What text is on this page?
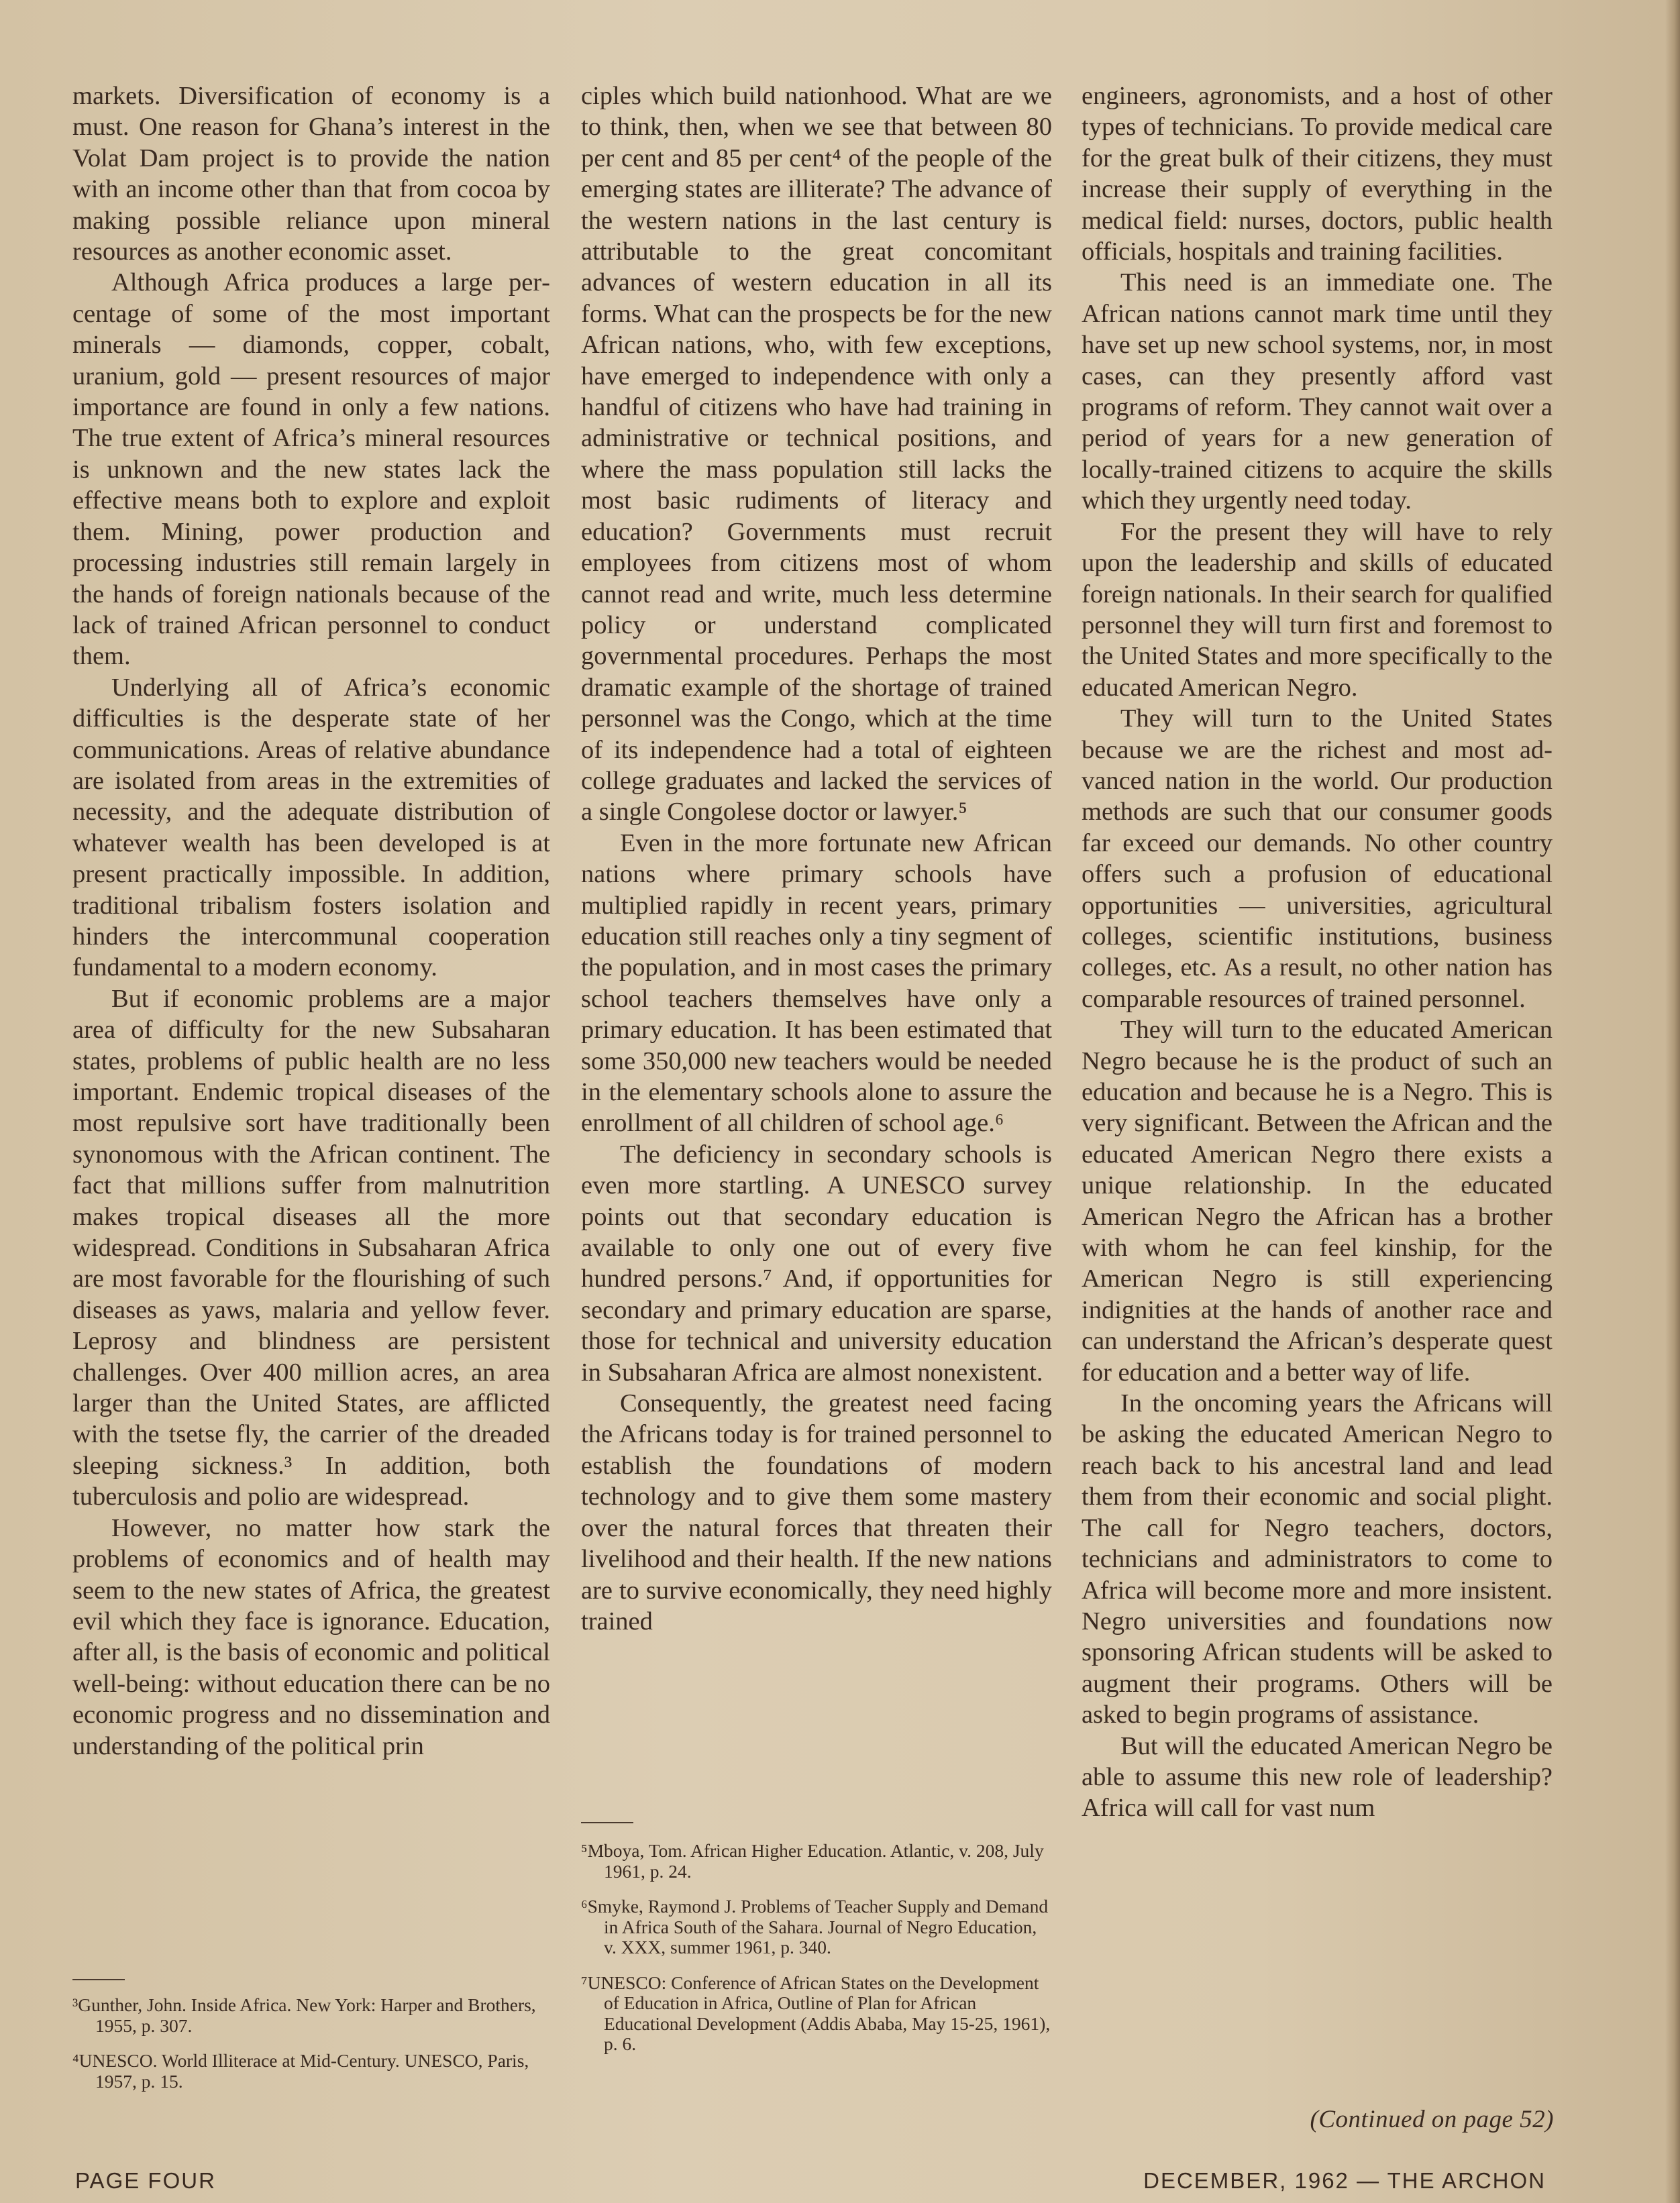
markets. Diversification of economy is a must. One reason for Ghana’s interest in the Volat Dam project is to provide the nation with an income other than that from cocoa by making possible reliance upon mineral resources as another economic asset.

Although Africa produces a large percentage of some of the most important minerals — diamonds, copper, cobalt, uranium, gold — present resources of major importance are found in only a few nations. The true extent of Africa’s mineral resources is unknown and the new states lack the effective means both to explore and exploit them. Mining, power production and processing industries still remain largely in the hands of foreign nationals because of the lack of trained African personnel to conduct them.

Underlying all of Africa’s economic difficulties is the desperate state of her communications. Areas of relative abundance are isolated from areas in the extremities of necessity, and the adequate distribution of whatever wealth has been developed is at present practically impossible. In addition, traditional tribalism fosters isolation and hinders the intercommunal cooperation fundamental to a modern economy.

But if economic problems are a major area of difficulty for the new Subsaharan states, problems of public health are no less important. Endemic tropical diseases of the most repulsive sort have traditionally been synonomous with the African continent. The fact that millions suffer from malnutrition makes tropical diseases all the more widespread. Conditions in Subsaharan Africa are most favorable for the flourishing of such diseases as yaws, malaria and yellow fever. Leprosy and blindness are persistent challenges. Over 400 million acres, an area larger than the United States, are afflicted with the tsetse fly, the carrier of the dreaded sleeping sickness.³ In addition, both tuberculosis and polio are widespread.

However, no matter how stark the problems of economics and of health may seem to the new states of Africa, the greatest evil which they face is ignorance. Education, after all, is the basis of economic and political well-being: without education there can be no economic progress and no dissemination and understanding of the political prin

ciples which build nationhood. What are we to think, then, when we see that between 80 per cent and 85 per cent⁴ of the people of the emerging states are illiterate? The advance of the western nations in the last century is attributable to the great concomitant advances of western education in all its forms. What can the prospects be for the new African nations, who, with few exceptions, have emerged to independence with only a handful of citizens who have had training in administrative or technical positions, and where the mass population still lacks the most basic rudiments of literacy and education? Governments must recruit employees from citizens most of whom cannot read and write, much less determine policy or understand complicated governmental procedures. Perhaps the most dramatic example of the shortage of trained personnel was the Congo, which at the time of its independence had a total of eighteen college graduates and lacked the services of a single Congolese doctor or lawyer.⁵

Even in the more fortunate new African nations where primary schools have multiplied rapidly in recent years, primary education still reaches only a tiny segment of the population, and in most cases the primary school teachers themselves have only a primary education. It has been estimated that some 350,000 new teachers would be needed in the elementary schools alone to assure the enrollment of all children of school age.⁶

The deficiency in secondary schools is even more startling. A UNESCO survey points out that secondary education is available to only one out of every five hundred persons.⁷ And, if opportunities for secondary and primary education are sparse, those for technical and university education in Subsaharan Africa are almost nonexistent.

Consequently, the greatest need facing the Africans today is for trained personnel to establish the foundations of modern technology and to give them some mastery over the natural forces that threaten their livelihood and their health. If the new nations are to survive economically, they need highly trained

engineers, agronomists, and a host of other types of technicians. To provide medical care for the great bulk of their citizens, they must increase their supply of everything in the medical field: nurses, doctors, public health officials, hospitals and training facilities.

This need is an immediate one. The African nations cannot mark time until they have set up new school systems, nor, in most cases, can they presently afford vast programs of reform. They cannot wait over a period of years for a new generation of locally-trained citizens to acquire the skills which they urgently need today.

For the present they will have to rely upon the leadership and skills of educated foreign nationals. In their search for qualified personnel they will turn first and foremost to the United States and more specifically to the educated American Negro.

They will turn to the United States because we are the richest and most advanced nation in the world. Our production methods are such that our consumer goods far exceed our demands. No other country offers such a profusion of educational opportunities — universities, agricultural colleges, scientific institutions, business colleges, etc. As a result, no other nation has comparable resources of trained personnel.

They will turn to the educated American Negro because he is the product of such an education and because he is a Negro. This is very significant. Between the African and the educated American Negro there exists a unique relationship. In the educated American Negro the African has a brother with whom he can feel kinship, for the American Negro is still experiencing indignities at the hands of another race and can understand the African’s desperate quest for education and a better way of life.

In the oncoming years the Africans will be asking the educated American Negro to reach back to his ancestral land and lead them from their economic and social plight. The call for Negro teachers, doctors, technicians and administrators to come to Africa will become more and more insistent. Negro universities and foundations now sponsoring African students will be asked to augment their programs. Others will be asked to begin programs of assistance.

But will the educated American Negro be able to assume this new role of leadership? Africa will call for vast num

³Gunther, John. Inside Africa. New York: Harper and Brothers, 1955, p. 307.

⁴UNESCO. World Illiterace at Mid-Century. UNESCO, Paris, 1957, p. 15.

⁵Mboya, Tom. African Higher Education. Atlantic, v. 208, July 1961, p. 24.

⁶Smyke, Raymond J. Problems of Teacher Supply and Demand in Africa South of the Sahara. Journal of Negro Education, v. XXX, summer 1961, p. 340.

⁷UNESCO: Conference of African States on the Development of Education in Africa, Outline of Plan for African Educational Development (Addis Ababa, May 15-25, 1961), p. 6.

(Continued on page 52)
PAGE FOUR	DECEMBER, 1962 — THE ARCHON
